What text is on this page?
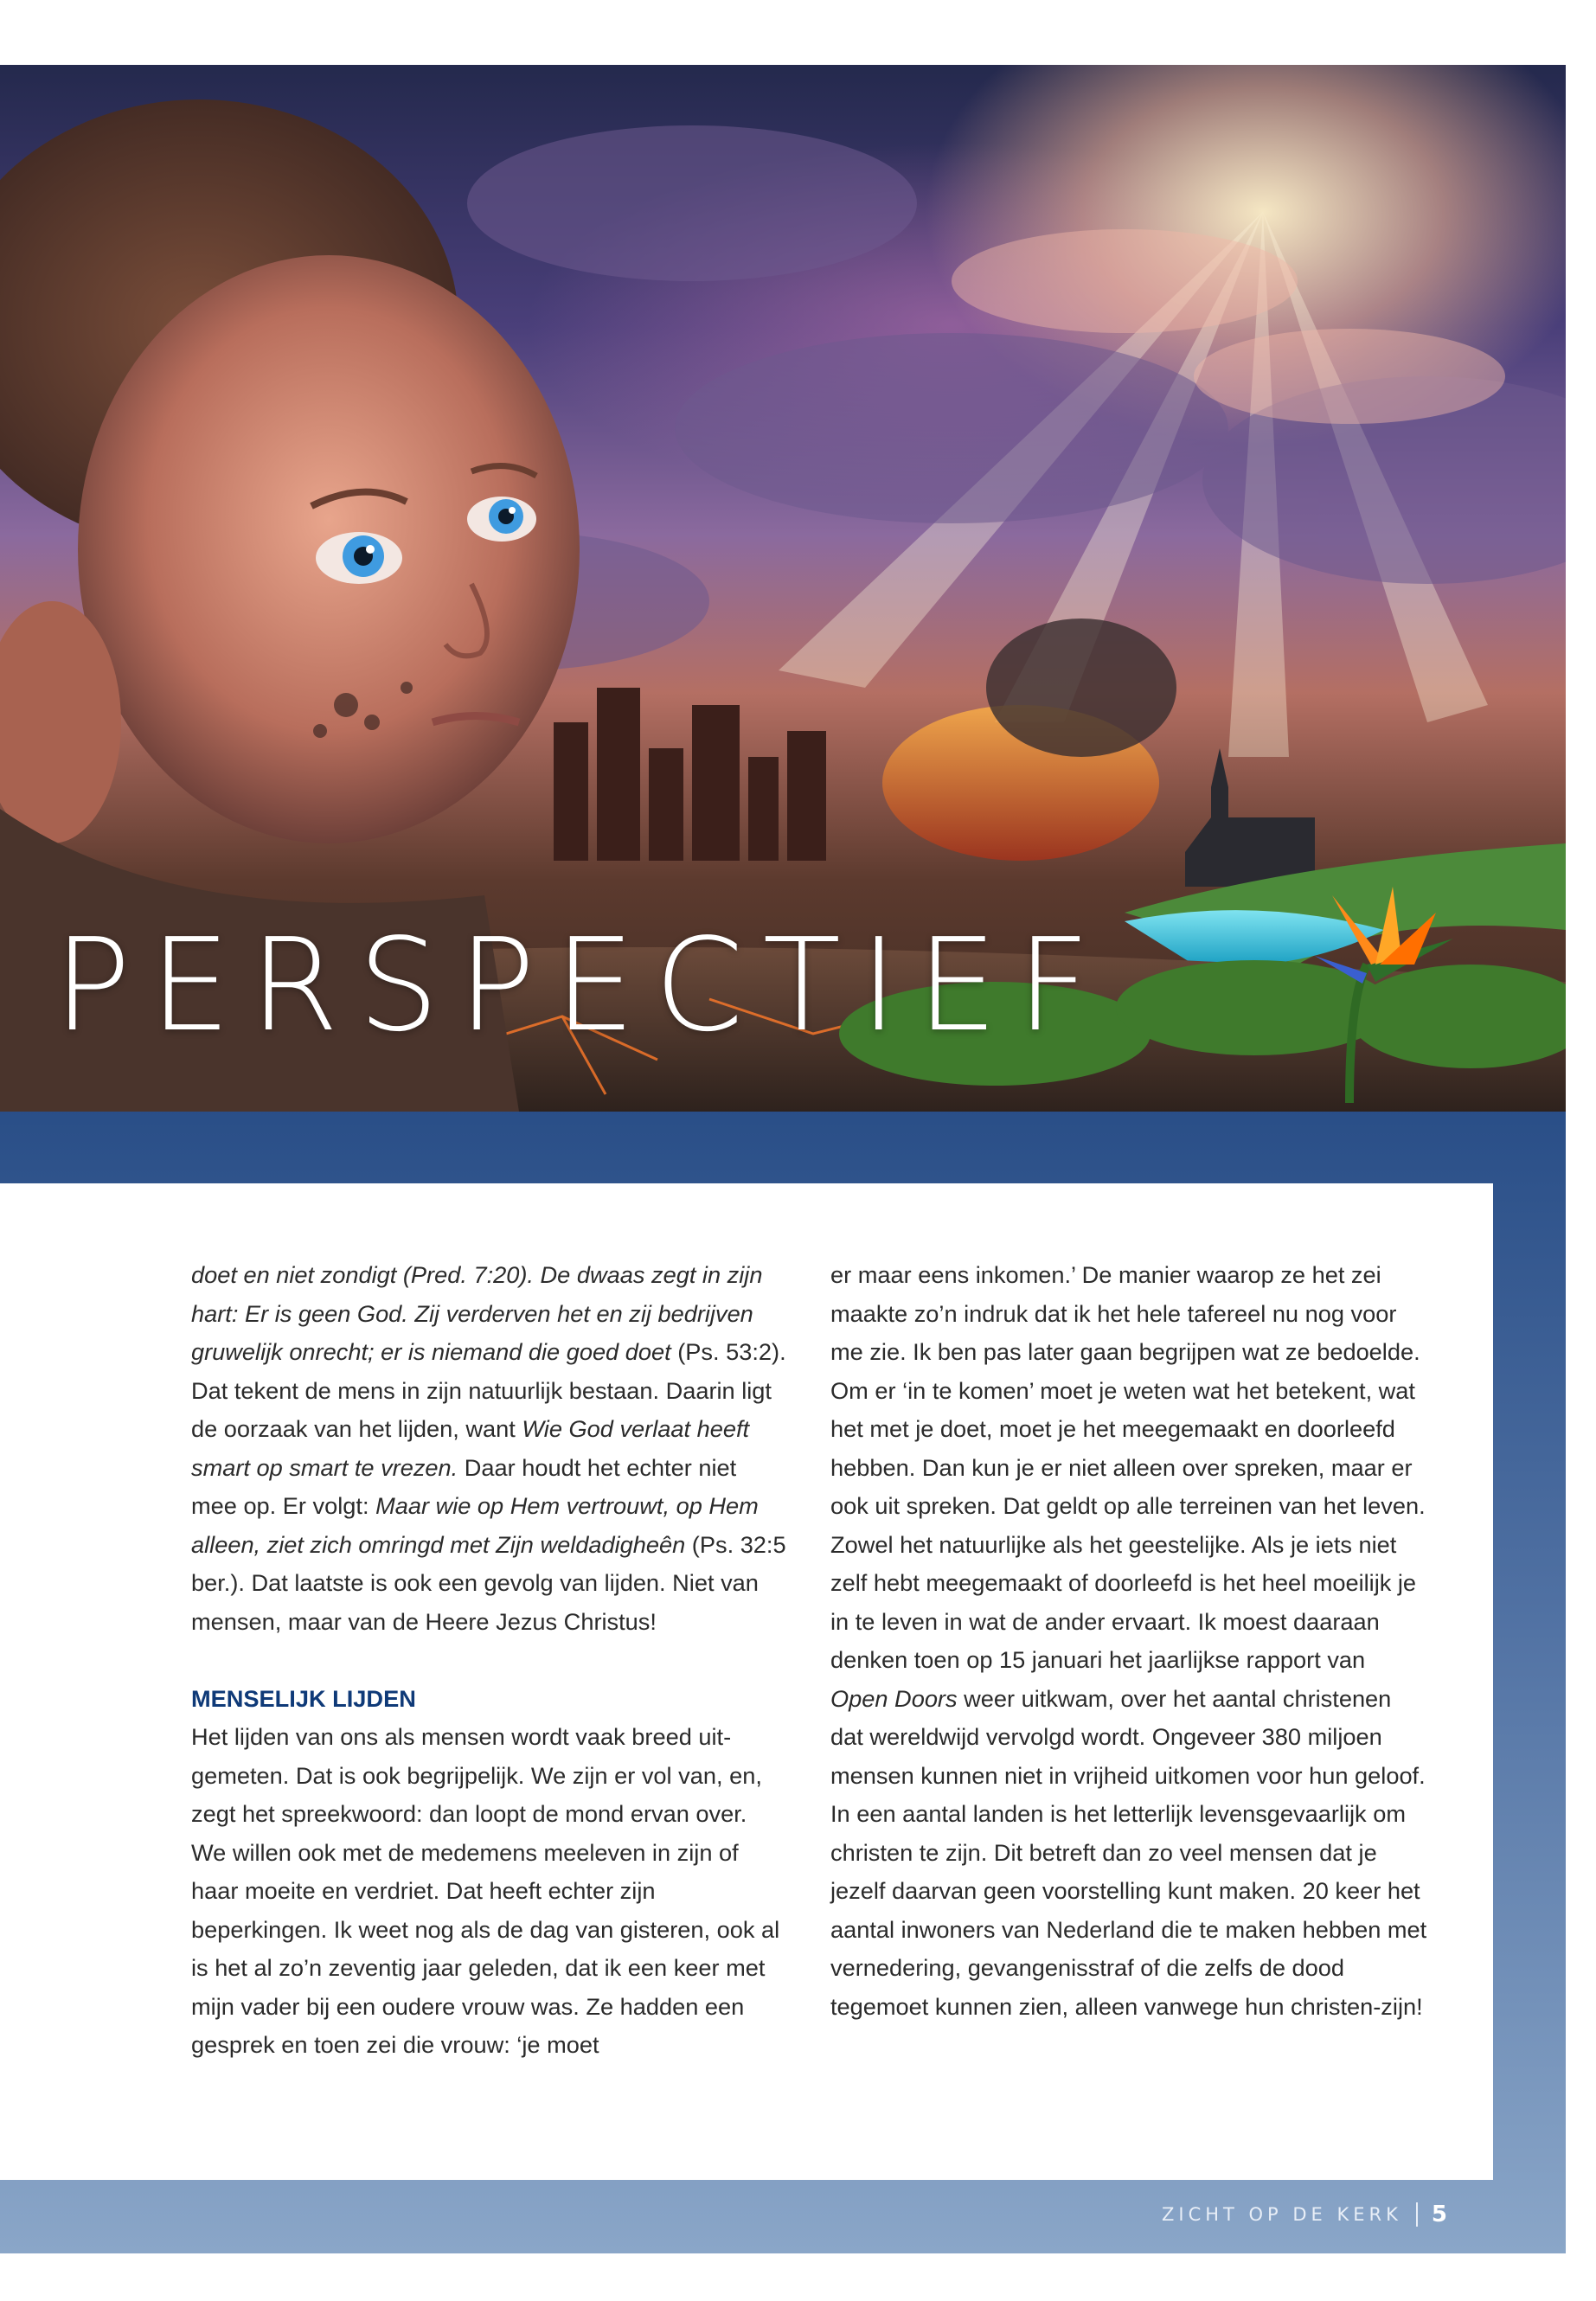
PERSPECTIEF

doet en niet zondigt (Pred. 7:20). De dwaas zegt in zijn hart: Er is geen God. Zij verderven het en zij bedrijven gruwelijk onrecht; er is niemand die goed doet (Ps. 53:2). Dat tekent de mens in zijn natuurlijk bestaan. Daarin ligt de oorzaak van het lijden, want Wie God verlaat heeft smart op smart te vrezen. Daar houdt het echter niet mee op. Er volgt: Maar wie op Hem vertrouwt, op Hem alleen, ziet zich omringd met Zijn weldadigheên (Ps. 32:5 ber.). Dat laatste is ook een gevolg van lijden. Niet van mensen, maar van de Heere Jezus Christus!

MENSELIJK LIJDEN

Het lijden van ons als mensen wordt vaak breed uitgemeten. Dat is ook begrijpelijk. We zijn er vol van, en, zegt het spreekwoord: dan loopt de mond ervan over. We willen ook met de medemens meeleven in zijn of haar moeite en verdriet. Dat heeft echter zijn beperkingen. Ik weet nog als de dag van gisteren, ook al is het al zo’n zeventig jaar geleden, dat ik een keer met mijn vader bij een oudere vrouw was. Ze hadden een gesprek en toen zei die vrouw: ‘je moet

er maar eens inkomen.’ De manier waarop ze het zei maakte zo’n indruk dat ik het hele tafereel nu nog voor me zie. Ik ben pas later gaan begrijpen wat ze bedoelde. Om er ‘in te komen’ moet je weten wat het betekent, wat het met je doet, moet je het meegemaakt en doorleefd hebben. Dan kun je er niet alleen over spreken, maar er ook uit spreken. Dat geldt op alle terreinen van het leven. Zowel het natuurlijke als het geestelijke. Als je iets niet zelf hebt meegemaakt of doorleefd is het heel moeilijk je in te leven in wat de ander ervaart. Ik moest daaraan denken toen op 15 januari het jaarlijkse rapport van Open Doors weer uitkwam, over het aantal christenen dat wereldwijd vervolgd wordt. Ongeveer 380 miljoen mensen kunnen niet in vrijheid uitkomen voor hun geloof. In een aantal landen is het letterlijk levensgevaarlijk om christen te zijn. Dit betreft dan zo veel mensen dat je jezelf daarvan geen voorstelling kunt maken. 20 keer het aantal inwoners van Nederland die te maken hebben met vernedering, gevangenisstraf of die zelfs de dood tegemoet kunnen zien, alleen vanwege hun christen-zijn!

ZICHT OP DE KERK 5
